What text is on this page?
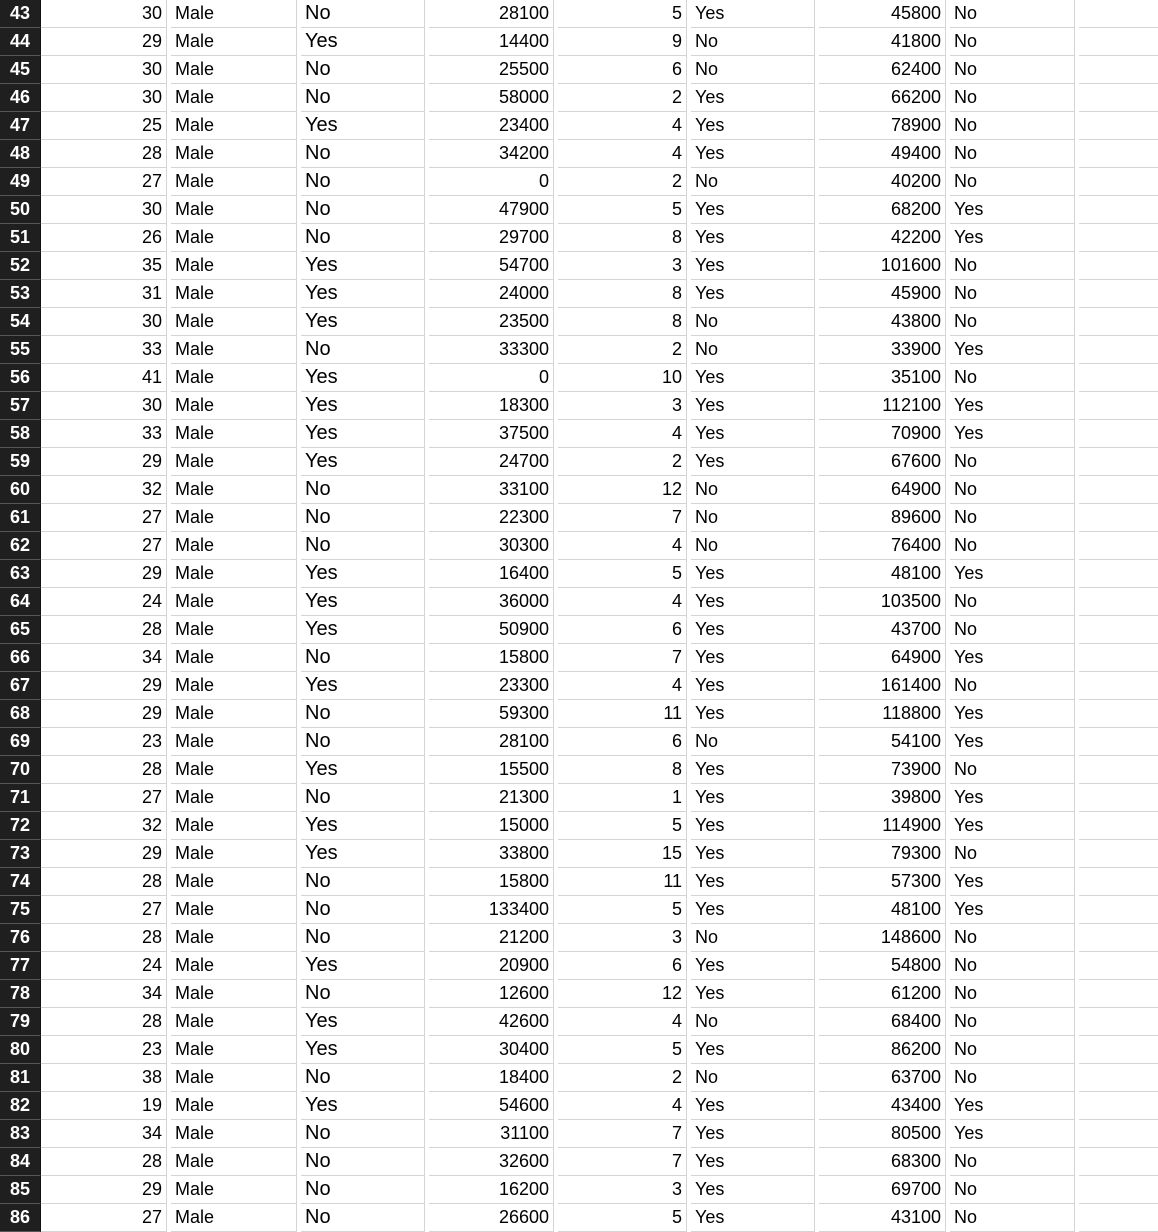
43	30 Male	No	28100	5 Yes	45800 No
44	29 Male	Yes	14400	9 No	41800 No
45	30 Male	No	25500	6 No	62400 No
46	30 Male	No	58000	2 Yes	66200 No
47	25 Male	Yes	23400	4 Yes	78900 No
48	28 Male	No	34200	4 Yes	49400 No
49	27 Male	No	0	2 No	40200 No
50	30 Male	No	47900	5 Yes	68200 Yes
51	26 Male	No	29700	8 Yes	42200 Yes
52	35 Male	Yes	54700	3 Yes	101600 No
53	31 Male	Yes	24000	8 Yes	45900 No
54	30 Male	Yes	23500	8 No	43800 No
55	33 Male	No	33300	2 No	33900 Yes
56	41 Male	Yes	0	10 Yes	35100 No
57	30 Male	Yes	18300	3 Yes	112100 Yes
58	33 Male	Yes	37500	4 Yes	70900 Yes
59	29 Male	Yes	24700	2 Yes	67600 No
60	32 Male	No	33100	12 No	64900 No
61	27 Male	No	22300	7 No	89600 No
62	27 Male	No	30300	4 No	76400 No
63	29 Male	Yes	16400	5 Yes	48100 Yes
64	24 Male	Yes	36000	4 Yes	103500 No
65	28 Male	Yes	50900	6 Yes	43700 No
66	34 Male	No	15800	7 Yes	64900 Yes
67	29 Male	Yes	23300	4 Yes	161400 No
68	29 Male	No	59300	11 Yes	118800 Yes
69	23 Male	No	28100	6 No	54100 Yes
70	28 Male	Yes	15500	8 Yes	73900 No
71	27 Male	No	21300	1 Yes	39800 Yes
72	32 Male	Yes	15000	5 Yes	114900 Yes
73	29 Male	Yes	33800	15 Yes	79300 No
74	28 Male	No	15800	11 Yes	57300 Yes
75	27 Male	No	133400	5 Yes	48100 Yes
76	28 Male	No	21200	3 No	148600 No
77	24 Male	Yes	20900	6 Yes	54800 No
78	34 Male	No	12600	12 Yes	61200 No
79	28 Male	Yes	42600	4 No	68400 No
80	23 Male	Yes	30400	5 Yes	86200 No
81	38 Male	No	18400	2 No	63700 No
82	19 Male	Yes	54600	4 Yes	43400 Yes
83	34 Male	No	31100	7 Yes	80500 Yes
84	28 Male	No	32600	7 Yes	68300 No
85	29 Male	No	16200	3 Yes	69700 No
86	27 Male	No	26600	5 Yes	43100 No
